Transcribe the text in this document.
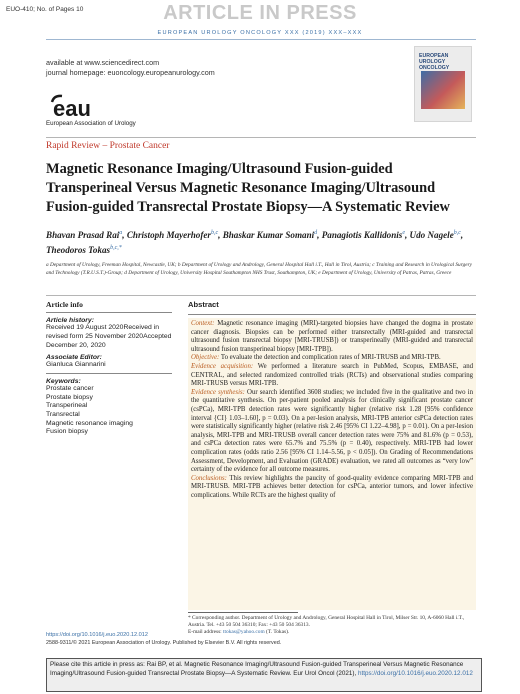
EUO-410; No. of Pages 10	ARTICLE IN PRESS
EUROPEAN UROLOGY ONCOLOGY XXX (2019) XXX–XXX
available at www.sciencedirect.com
journal homepage: euoncology.europeanurology.com
EUROPEAN UROLOGY ONCOLOGY
eau
European Association of Urology
Rapid Review – Prostate Cancer
Magnetic Resonance Imaging/Ultrasound Fusion-guided Transperineal Versus Magnetic Resonance Imaging/Ultrasound Fusion-guided Transrectal Prostate Biopsy—A Systematic Review
Bhavan Prasad Rai$^a$, Christoph Mayerhofer$^{b,c}$, Bhaskar Kumar Somani$^d$, Panagiotis Kallidonis$^e$, Udo Nagele$^{b,c}$, Theodoros Tokas$^{b,c,*}$
a Department of Urology, Freeman Hospital, Newcastle, UK; b Department of Urology and Andrology, General Hospital Hall i.T., Hall in Tirol, Austria; c Training and Research in Urological Surgery and Technology (T.R.U.S.T.)-Group; d Department of Urology, University Hospital Southampton NHS Trust, Southampton, UK; e Department of Urology, University of Patras, Patras, Greece
Article info
Article history:
Received 19 August 2020Received in revised form 25 November 2020Accepted December 20, 2020
Associate Editor:
Gianluca Giannarini
Keywords:
Prostate cancer
Prostate biopsy
Transperineal
Transrectal
Magnetic resonance imaging
Fusion biopsy
Abstract
Context: Magnetic resonance imaging (MRI)-targeted biopsies have changed the dogma in prostate cancer diagnosis. Biopsies can be performed either transrectally (MRI-guided and transrectal ultrasound fusion transrectal biopsy [MRI-TRUSB]) or transperineally (MRI-guided and transrectal ultrasound fusion transperineal biopsy [MRI-TPB]).
Objective: To evaluate the detection and complication rates of MRI-TRUSB and MRI-TPB.
Evidence acquisition: We performed a literature search in PubMed, Scopus, EMBASE, and CENTRAL, and selected randomized controlled trials (RCTs) and observational studies comparing MRI-TRUSB versus MRI-TPB.
Evidence synthesis: Our search identified 3608 studies; we included five in the qualitative and two in the quantitative synthesis. On per-patient pooled analysis for clinically significant prostate cancer (csPCa), MRI-TPB detection rates were significantly higher (relative risk 1.28 [95% confidence interval {CI} 1.03–1.60], p = 0.03). On a per-lesion analysis, MRI-TPB anterior csPCa detection rates were statistically significantly higher (relative risk 2.46 [95% CI 1.22–4.98], p = 0.01). On a per-lesion analysis, MRI-TPB and MRI-TRUSB overall cancer detection rates were 75% and 81.6% (p = 0.53), and csPCa detection rates were 65.7% and 75.5% (p = 0.40), respectively. MRI-TPB had lower complication rates (odds ratio 2.56 [95% CI 1.14–5.56, p < 0.05]). On Grading of Recommendations Assessment, Development, and Evaluation (GRADE) evaluation, we rated all outcomes as “very low” certainty of the evidence for all outcome measures.
Conclusions: This review highlights the paucity of good-quality evidence comparing MRI-TPB and MRI-TRUSB. MRI-TPB achieves better detection for csPCa, anterior tumors, and lower infective complications. While RCTs are the highest quality of
* Corresponding author. Department of Urology and Andrology, General Hospital Hall in Tirol, Milser Str. 10, A-6060 Hall i.T., Austria. Tel. +43 50 504 36310; Fax: +43 50 504 36313.
E-mail address: ttokas@yahoo.com (T. Tokas).
https://doi.org/10.1016/j.euo.2020.12.012
2588-9311/© 2021 European Association of Urology. Published by Elsevier B.V. All rights reserved.
Please cite this article in press as: Rai BP, et al. Magnetic Resonance Imaging/Ultrasound Fusion-guided Transperineal Versus Magnetic Resonance Imaging/Ultrasound Fusion-guided Transrectal Prostate Biopsy—A Systematic Review. Eur Urol Oncol (2021), https://doi.org/10.1016/j.euo.2020.12.012
